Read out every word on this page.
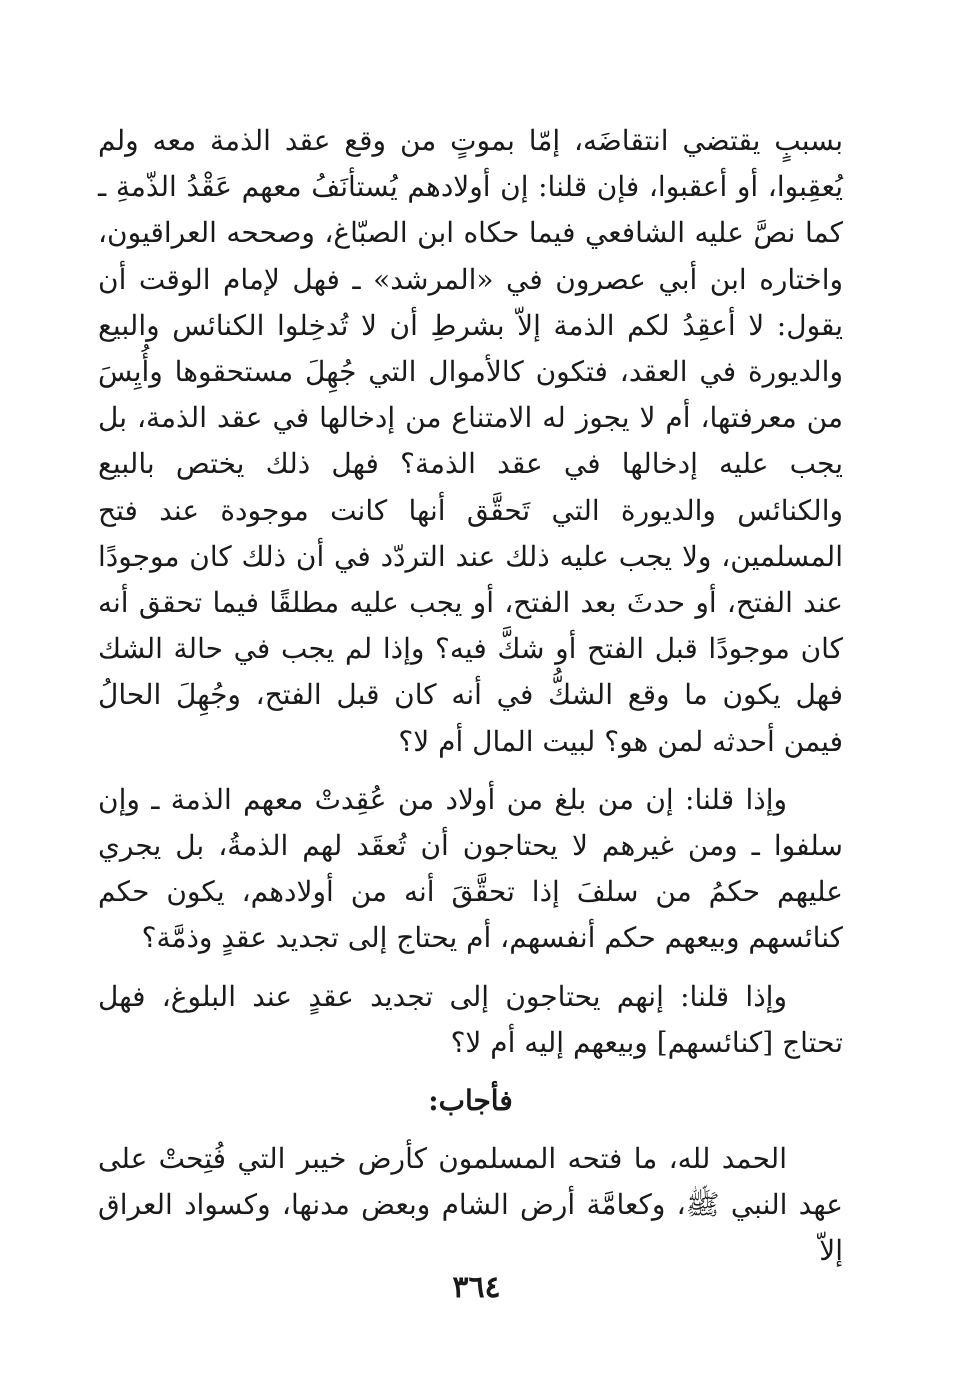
بسببٍ يقتضي انتقاضَه، إمّا بموتٍ من وقع عقد الذمة معه ولم يُعقِبوا، أو أعقبوا، فإن قلنا: إن أولادهم يُستأنَفُ معهم عَقْدُ الذّمةِ ـ كما نصَّ عليه الشافعي فيما حكاه ابن الصبّاغ، وصححه العراقيون، واختاره ابن أبي عصرون في «المرشد» ـ فهل لإمام الوقت أن يقول: لا أعقِدُ لكم الذمة إلاّ بشرطِ أن لا تُدخِلوا الكنائس والبيع والديورة في العقد، فتكون كالأموال التي جُهِلَ مستحقوها وأُيِسَ من معرفتها، أم لا يجوز له الامتناع من إدخالها في عقد الذمة، بل يجب عليه إدخالها في عقد الذمة؟ فهل ذلك يختص بالبيع والكنائس والديورة التي تَحقَّق أنها كانت موجودة عند فتح المسلمين، ولا يجب عليه ذلك عند التردّد في أن ذلك كان موجودًا عند الفتح، أو حدثَ بعد الفتح، أو يجب عليه مطلقًا فيما تحقق أنه كان موجودًا قبل الفتح أو شكَّ فيه؟ وإذا لم يجب في حالة الشك فهل يكون ما وقع الشكُّ في أنه كان قبل الفتح، وجُهِلَ الحالُ فيمن أحدثه لمن هو؟ لبيت المال أم لا؟

وإذا قلنا: إن من بلغ من أولاد من عُقِدتْ معهم الذمة ـ وإن سلفوا ـ ومن غيرهم لا يحتاجون أن تُعقَد لهم الذمةُ، بل يجري عليهم حكمُ من سلفَ إذا تحقَّقَ أنه من أولادهم، يكون حكم كنائسهم وبيعهم حكم أنفسهم، أم يحتاج إلى تجديد عقدٍ وذمَّة؟

وإذا قلنا: إنهم يحتاجون إلى تجديد عقدٍ عند البلوغ، فهل تحتاج [كنائسهم] وبيعهم إليه أم لا؟

فأجاب:

الحمد لله، ما فتحه المسلمون كأرض خيبر التي فُتِحتْ على عهد النبي ﷺ، وكعامَّة أرض الشام وبعض مدنها، وكسواد العراق إلاّ

٣٦٤
